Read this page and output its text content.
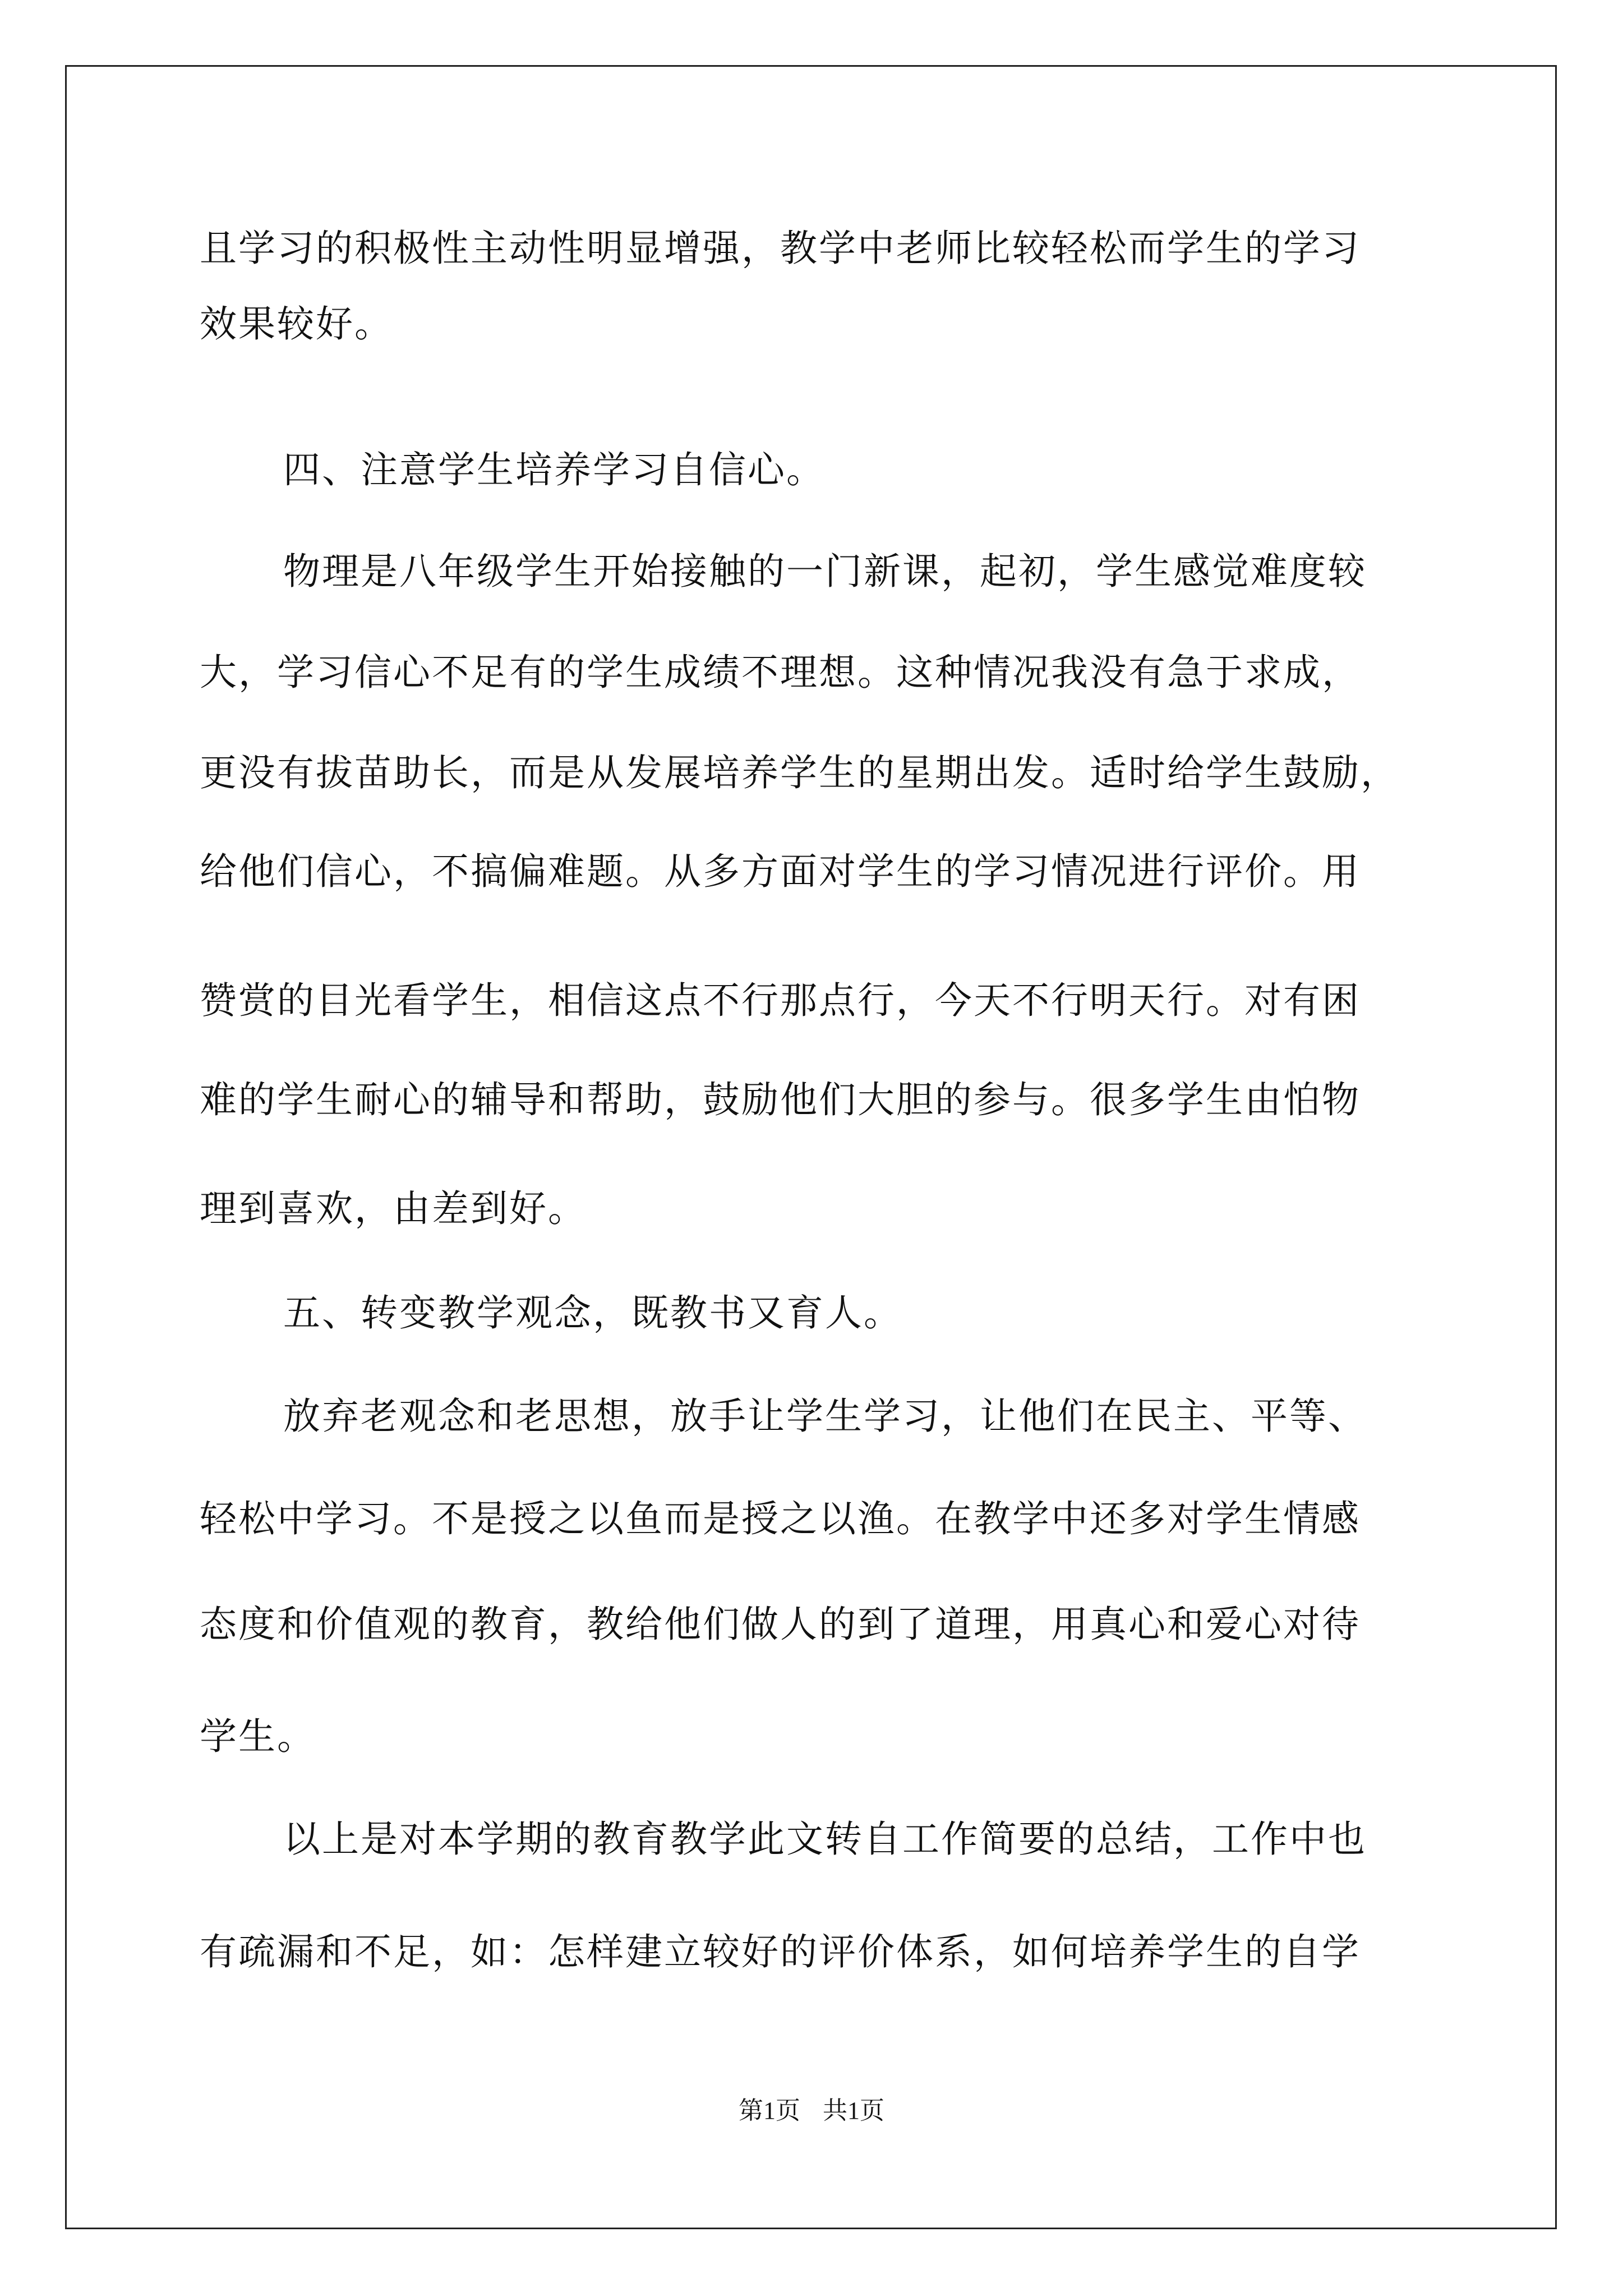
且学习的积极性主动性明显增强，教学中老师比较轻松而学生的学习
效果较好。
四、注意学生培养学习自信心。
物理是八年级学生开始接触的一门新课，起初，学生感觉难度较
大，学习信心不足有的学生成绩不理想。这种情况我没有急于求成，
更没有拔苗助长，而是从发展培养学生的星期出发。适时给学生鼓励，
给他们信心，不搞偏难题。从多方面对学生的学习情况进行评价。用
赞赏的目光看学生，相信这点不行那点行，今天不行明天行。对有困
难的学生耐心的辅导和帮助，鼓励他们大胆的参与。很多学生由怕物
理到喜欢，由差到好。
五、转变教学观念，既教书又育人。
放弃老观念和老思想，放手让学生学习，让他们在民主、平等、
轻松中学习。不是授之以鱼而是授之以渔。在教学中还多对学生情感
态度和价值观的教育，教给他们做人的到了道理，用真心和爱心对待
学生。
以上是对本学期的教育教学此文转自工作简要的总结，工作中也
有疏漏和不足，如：怎样建立较好的评价体系，如何培养学生的自学
第1页 共1页
